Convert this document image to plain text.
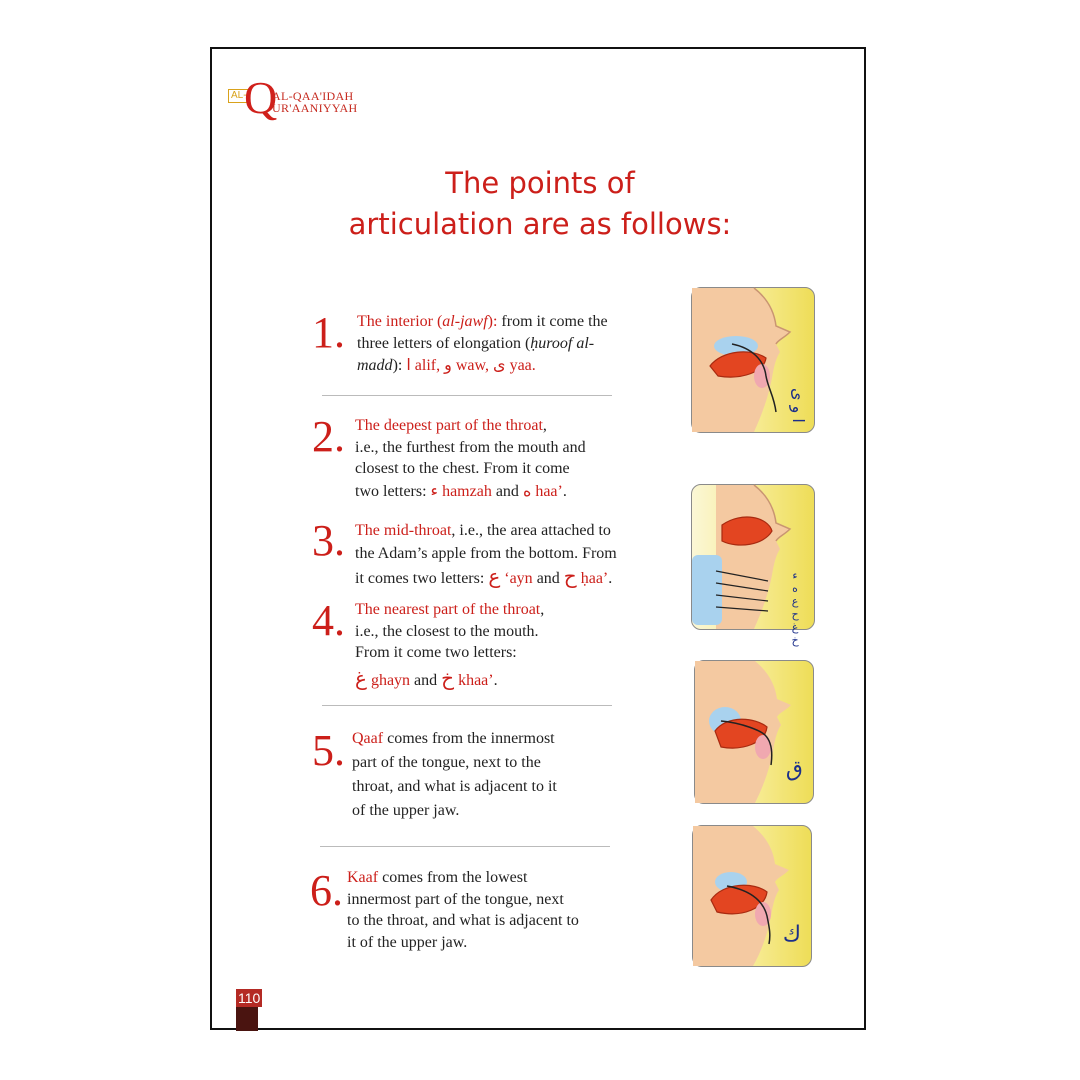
AL-
Q
AL-QAA'IDAH
UR'AANIYYAH
The points of
articulation are as follows:
1. The interior (al-jawf): from it come the
three letters of elongation (ḥuroof al-
madd): ا alif, و waw, ى yaa.
2. The deepest part of the throat,
i.e., the furthest from the mouth and
closest to the chest. From it come
two letters: ء hamzah and ه haa’.
3. The mid-throat, i.e., the area attached to
the Adam’s apple from the bottom. From
it comes two letters: ع ‘ayn and ح ḥaa’.
4. The nearest part of the throat,
i.e., the closest to the mouth.
From it come two letters:
غ ghayn and خ khaa’.
5. Qaaf comes from the innermost
part of the tongue, next to the
throat, and what is adjacent to it
of the upper jaw.
6. Kaaf comes from the lowest
innermost part of the tongue, next
to the throat, and what is adjacent to
it of the upper jaw.
ا و ى
ء ه ع ح غ خ
ق
ك
110
